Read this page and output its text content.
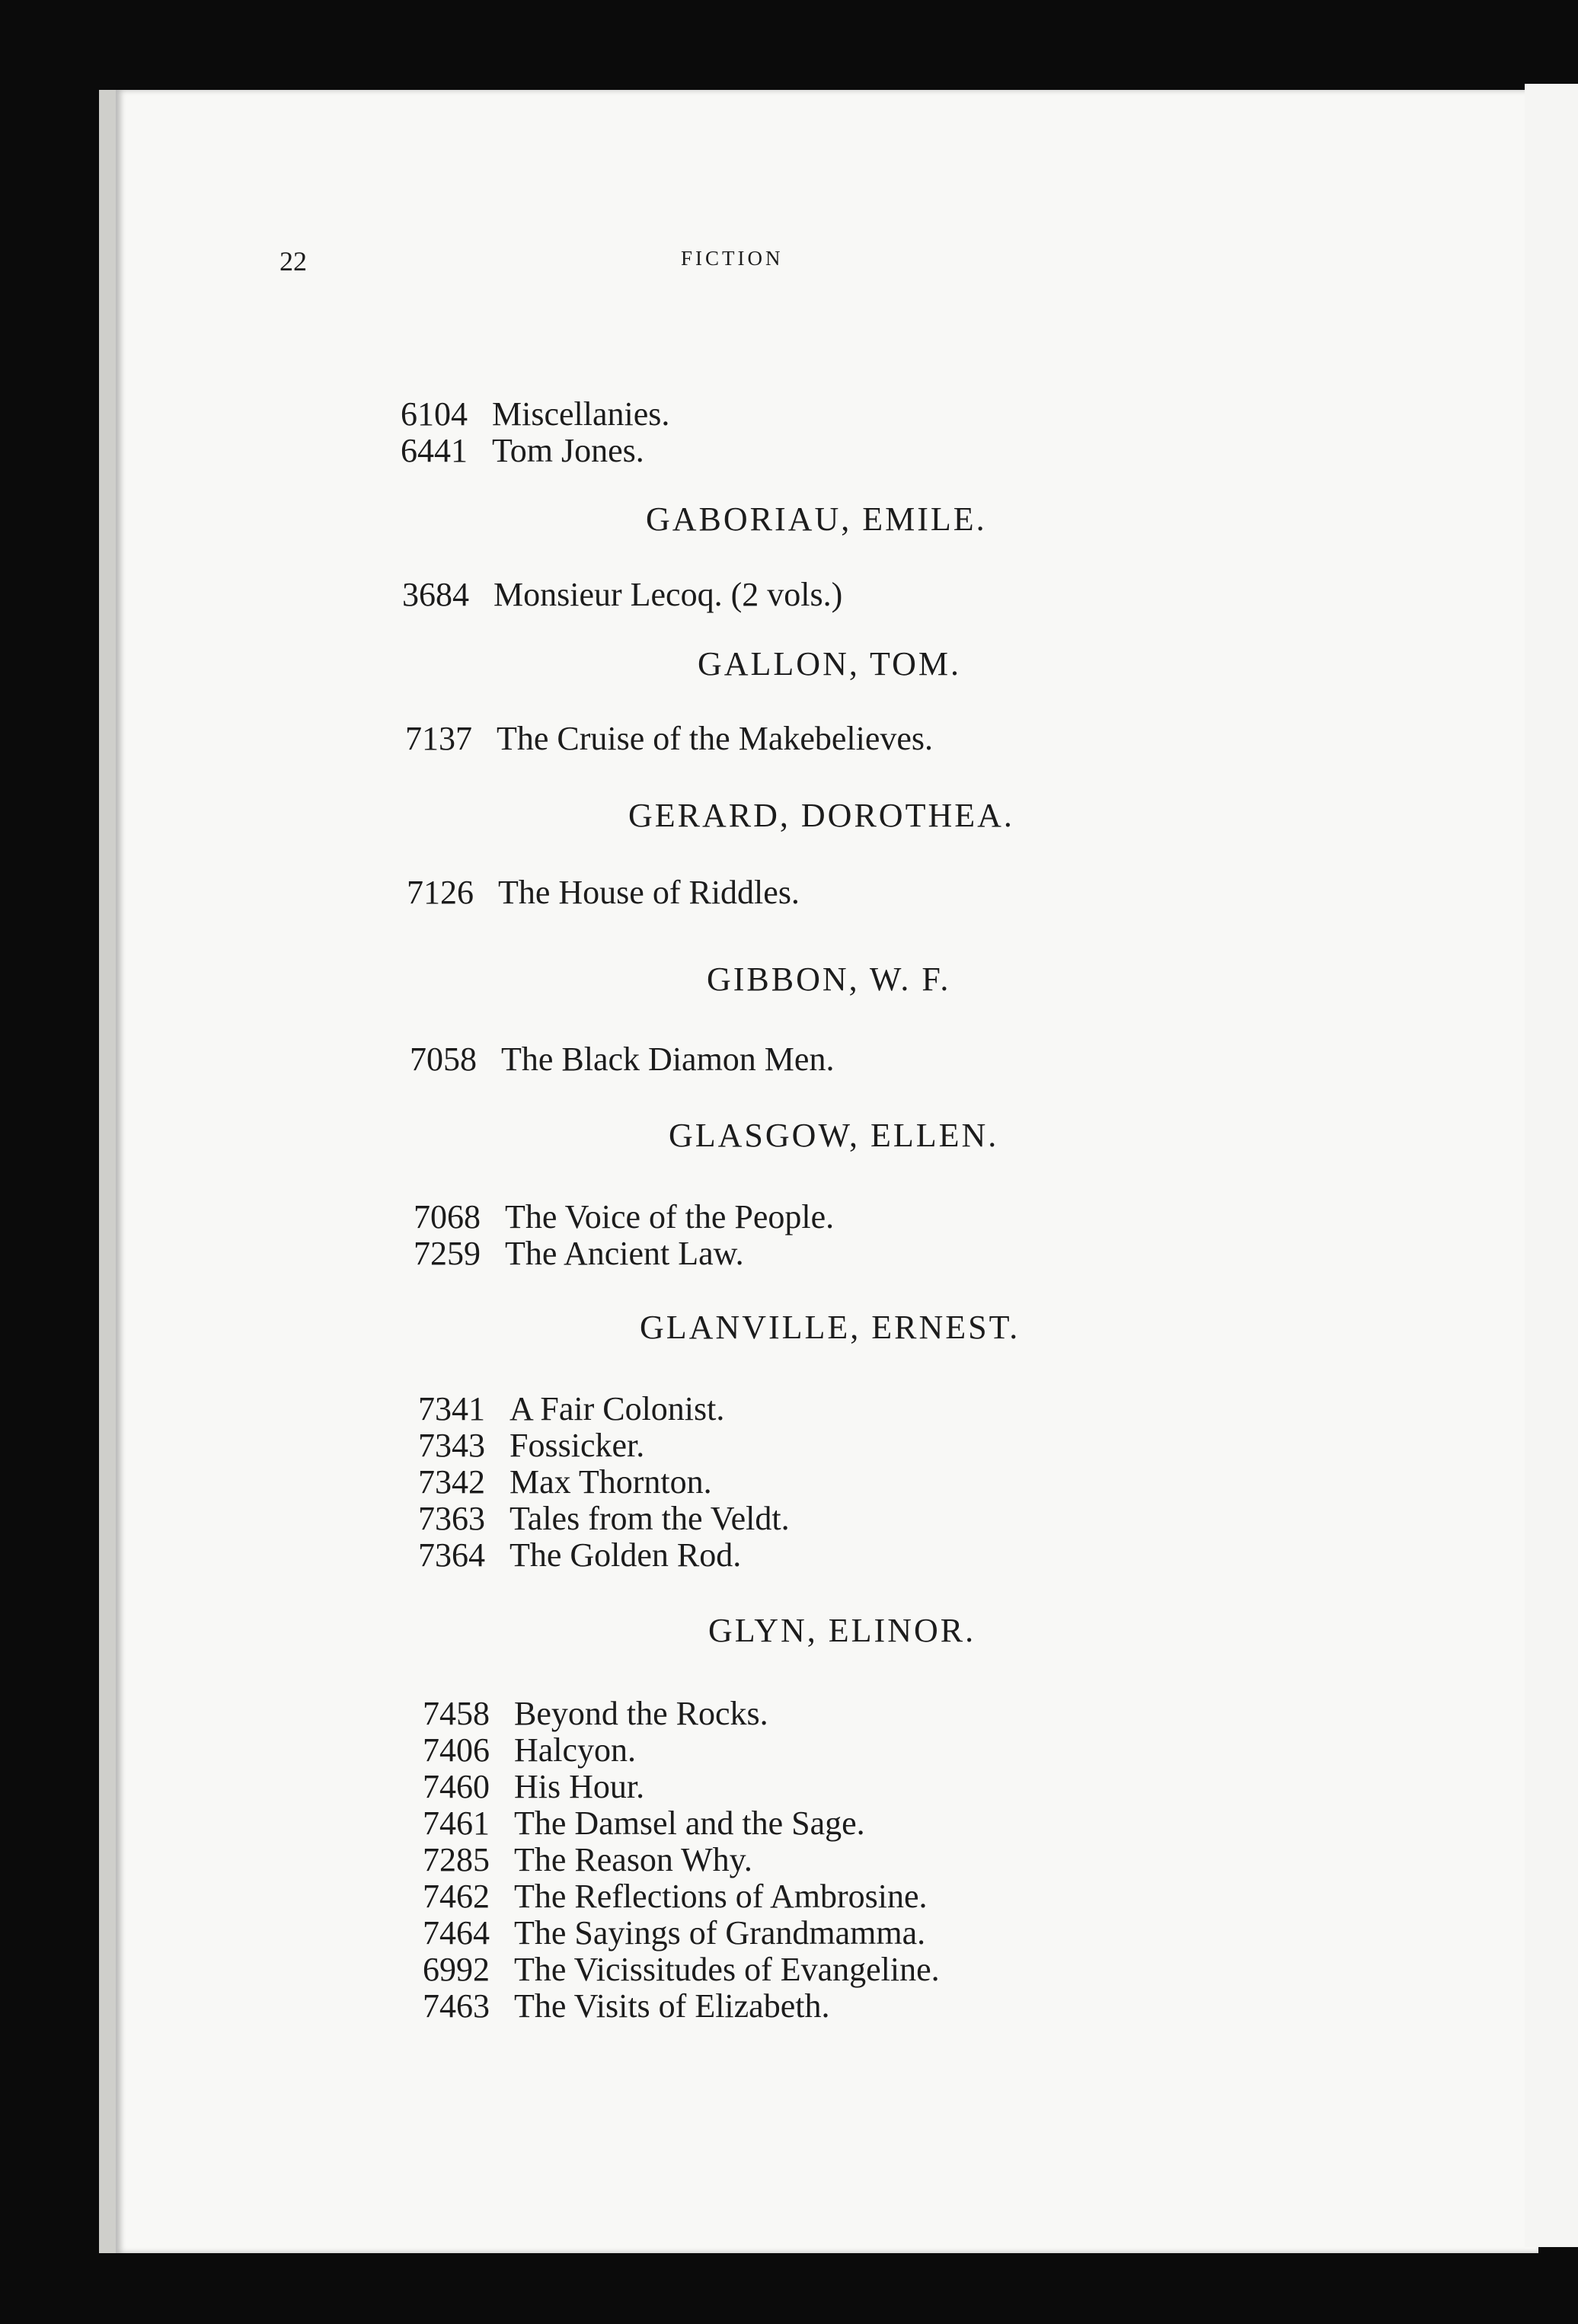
22	FICTION
6104 Miscellanies.
6441 Tom Jones.
GABORIAU, EMILE.
3684 Monsieur Lecoq. (2 vols.)
GALLON, TOM.
7137 The Cruise of the Makebelieves.
GERARD, DOROTHEA.
7126 The House of Riddles.
GIBBON, W. F.
7058 The Black Diamon Men.
GLASGOW, ELLEN.
7068 The Voice of the People.
7259 The Ancient Law.
GLANVILLE, ERNEST.
7341 A Fair Colonist.
7343 Fossicker.
7342 Max Thornton.
7363 Tales from the Veldt.
7364 The Golden Rod.
GLYN, ELINOR.
7458 Beyond the Rocks.
7406 Halcyon.
7460 His Hour.
7461 The Damsel and the Sage.
7285 The Reason Why.
7462 The Reflections of Ambrosine.
7464 The Sayings of Grandmamma.
6992 The Vicissitudes of Evangeline.
7463 The Visits of Elizabeth.
